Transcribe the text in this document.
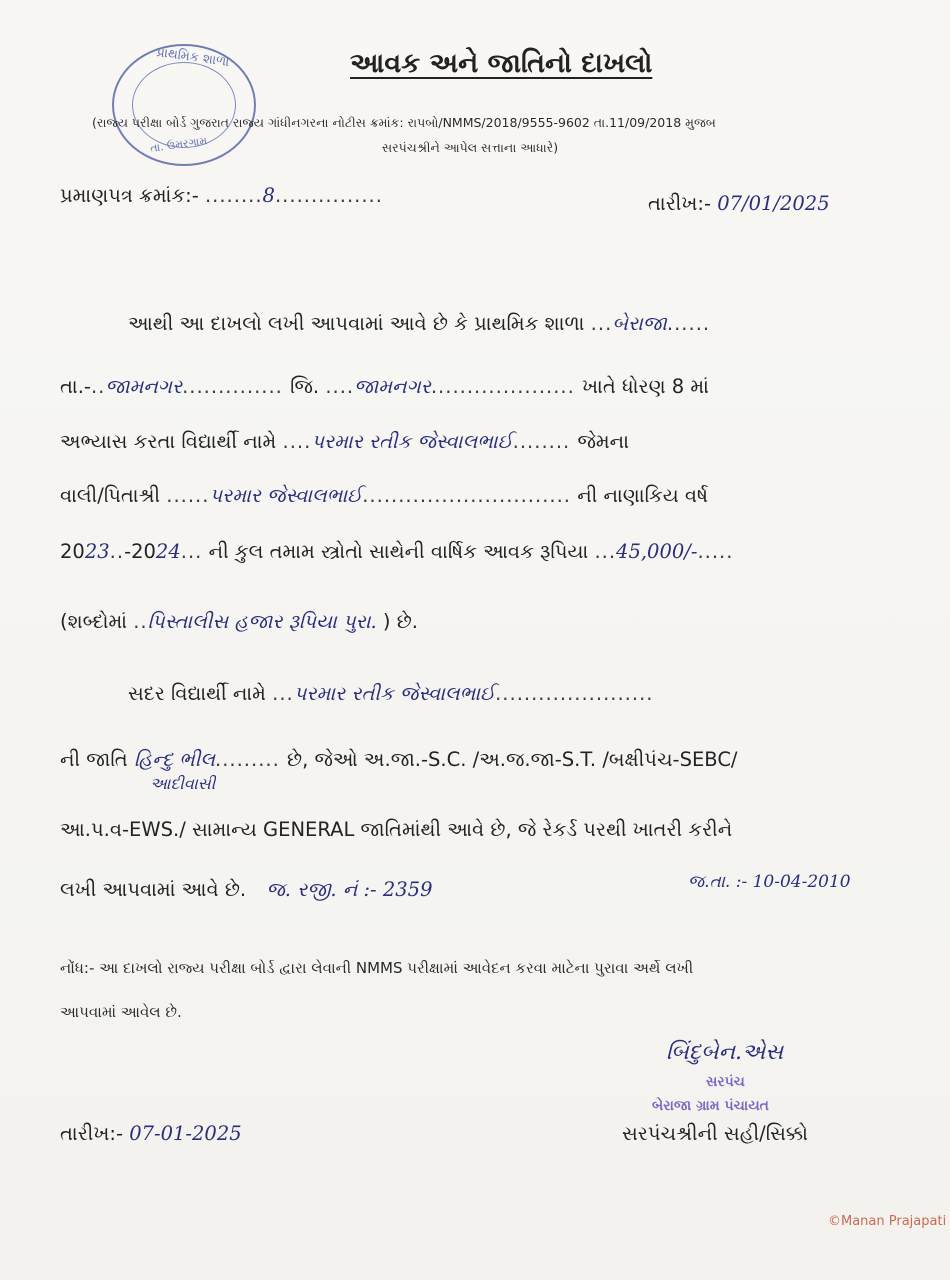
પ્રાથમિક શાળા
તા. ઉમરગામ
આવક અને જાતિનો દાખલો
(રાજ્ય પરીક્ષા બોર્ડ ગુજરાત રાજ્ય ગાંધીનગરના નોટીસ ક્રમાંક: રાપબો/NMMS/2018/9555-9602 તા.11/09/2018 મુજબ
સરપંચશ્રીને આપેલ સત્તાના આધારે)
પ્રમાણપત્ર ક્રમાંક:- ........8...............	તારીખ:- 07/01/2025
આથી આ દાખલો લખી આપવામાં આવે છે કે પ્રાથમિક શાળા ...બેરાજા......
તા.-..જામનગર.............. જિ. ....જામનગર.................... ખાતે ધોરણ 8 માં
અભ્યાસ કરતા વિદ્યાર્થી નામે ....પરમાર રતીક જેસ્વાલભાઈ........ જેમના
વાલી/પિતાશ્રી ......પરમાર જેસ્વાલભાઈ............................. ની નાણાકિય વર્ષ
2023..-2024... ની કુલ તમામ સ્ત્રોતો સાથેની વાર્ષિક આવક રૂપિયા ...45,000/-.....
(શબ્દોમાં ..પિસ્તાલીસ હજાર રૂપિયા પુરા. ) છે.
સદર વિદ્યાર્થી નામે ...પરમાર રતીક જેસ્વાલભાઈ......................
ની જાતિ હિન્દુ ભીલ......... છે, જેઓ અ.જા.-S.C. /અ.જ.જા-S.T. /બક્ષીપંચ-SEBC/
આદીવાસી
આ.પ.વ-EWS./ સામાન્ય GENERAL જાતિમાંથી આવે છે, જે રેકર્ડ પરથી ખાતરી કરીને
લખી આપવામાં આવે છે. જ. રજી. નં :- 2359	જ.તા. :- 10-04-2010
નોંધ:- આ દાખલો રાજ્ય પરીક્ષા બોર્ડ દ્વારા લેવાની NMMS પરીક્ષામાં આવેદન કરવા માટેના પુરાવા અર્થે લખી
આપવામાં આવેલ છે.
બિંદુબેન.એસ
સરપંચ
બેરાજા ગ્રામ પંચાયત
તારીખ:- 07-01-2025	સરપંચશ્રીની સહી/સિક્કો
©Manan Prajapati
